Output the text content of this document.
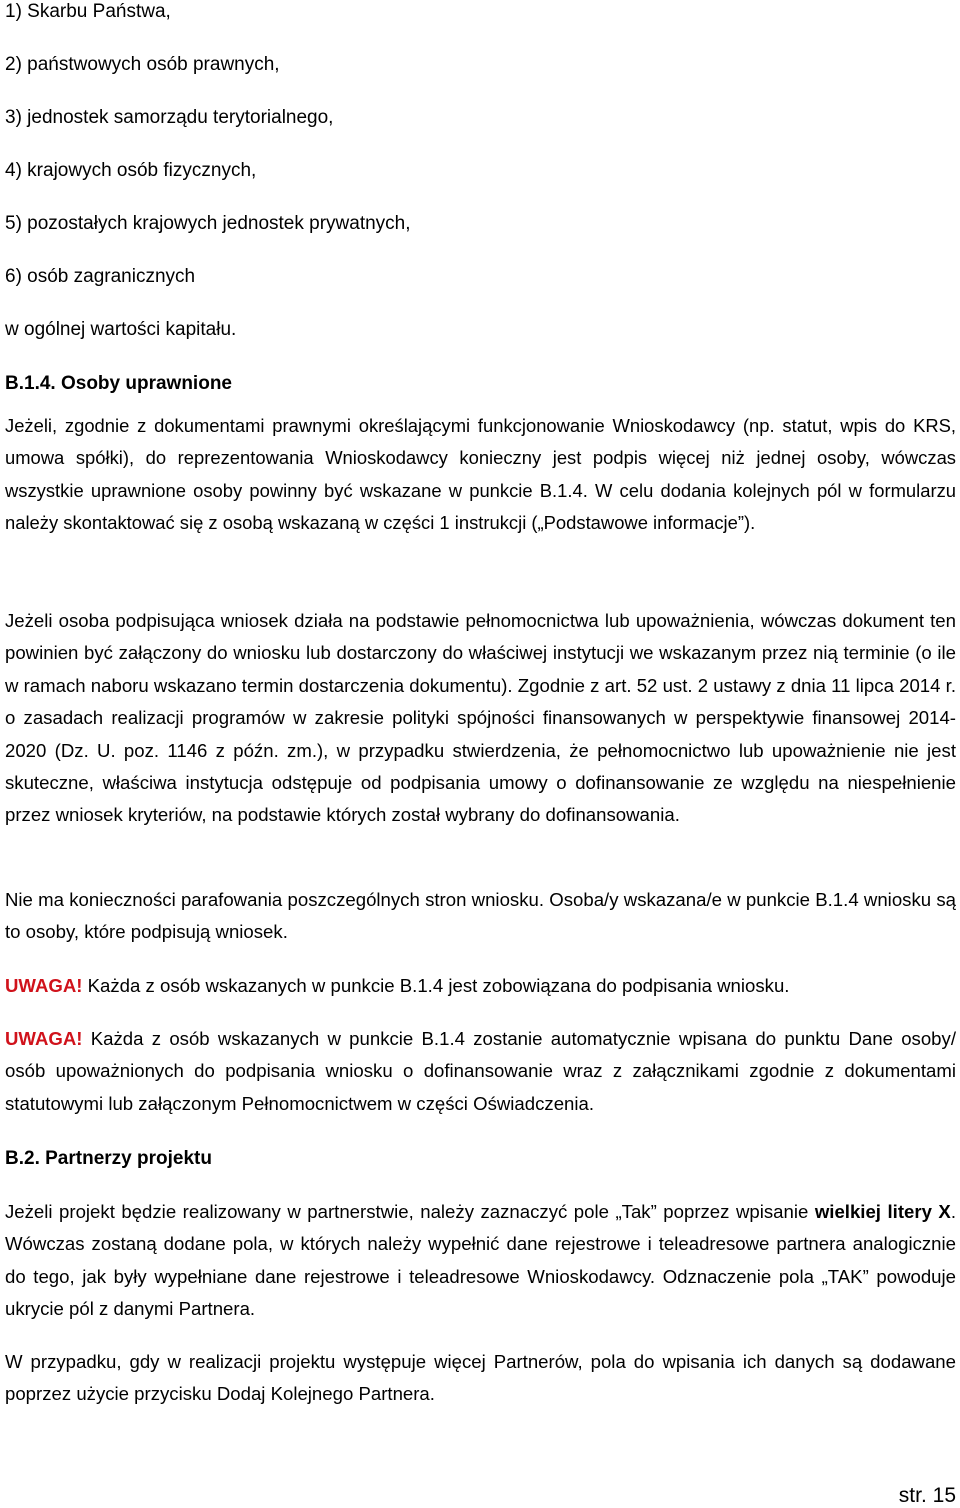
1) Skarbu Państwa,
2) państwowych osób prawnych,
3) jednostek samorządu terytorialnego,
4) krajowych osób fizycznych,
5) pozostałych krajowych jednostek prywatnych,
6) osób zagranicznych
w ogólnej wartości kapitału.
B.1.4. Osoby uprawnione

Jeżeli, zgodnie z dokumentami prawnymi określającymi funkcjonowanie Wnioskodawcy (np. statut, wpis do KRS, umowa spółki), do reprezentowania Wnioskodawcy konieczny jest podpis więcej niż jednej osoby, wówczas wszystkie uprawnione osoby powinny być wskazane w punkcie B.1.4. W celu dodania kolejnych pól w formularzu należy skontaktować się z osobą wskazaną w części 1 instrukcji („Podstawowe informacje”).

Jeżeli osoba podpisująca wniosek działa na podstawie pełnomocnictwa lub upoważnienia, wówczas dokument ten powinien być załączony do wniosku lub dostarczony do właściwej instytucji we wskazanym przez nią terminie (o ile w ramach naboru wskazano termin dostarczenia dokumentu). Zgodnie z art. 52 ust. 2 ustawy z dnia 11 lipca 2014 r. o zasadach realizacji programów w zakresie polityki spójności finansowanych w perspektywie finansowej 2014-2020 (Dz. U. poz. 1146 z późn. zm.), w przypadku stwierdzenia, że pełnomocnictwo lub upoważnienie nie jest skuteczne, właściwa instytucja odstępuje od podpisania umowy o dofinansowanie ze względu na niespełnienie przez wniosek kryteriów, na podstawie których został wybrany do dofinansowania.

Nie ma konieczności parafowania poszczególnych stron wniosku. Osoba/y wskazana/e w punkcie B.1.4 wniosku są to osoby, które podpisują wniosek.

UWAGA! Każda z osób wskazanych w punkcie B.1.4 jest zobowiązana do podpisania wniosku.

UWAGA! Każda z osób wskazanych w punkcie B.1.4 zostanie automatycznie wpisana do punktu Dane osoby/ osób upoważnionych do podpisania wniosku o dofinansowanie wraz z załącznikami zgodnie z dokumentami statutowymi lub załączonym Pełnomocnictwem w części Oświadczenia.

B.2. Partnerzy projektu

Jeżeli projekt będzie realizowany w partnerstwie, należy zaznaczyć pole „Tak” poprzez wpisanie wielkiej litery X. Wówczas zostaną dodane pola, w których należy wypełnić dane rejestrowe i teleadresowe partnera analogicznie do tego, jak były wypełniane dane rejestrowe i teleadresowe Wnioskodawcy. Odznaczenie pola „TAK” powoduje ukrycie pól z danymi Partnera.

W przypadku, gdy w realizacji projektu występuje więcej Partnerów, pola do wpisania ich danych są dodawane poprzez użycie przycisku Dodaj Kolejnego Partnera.

str. 15
